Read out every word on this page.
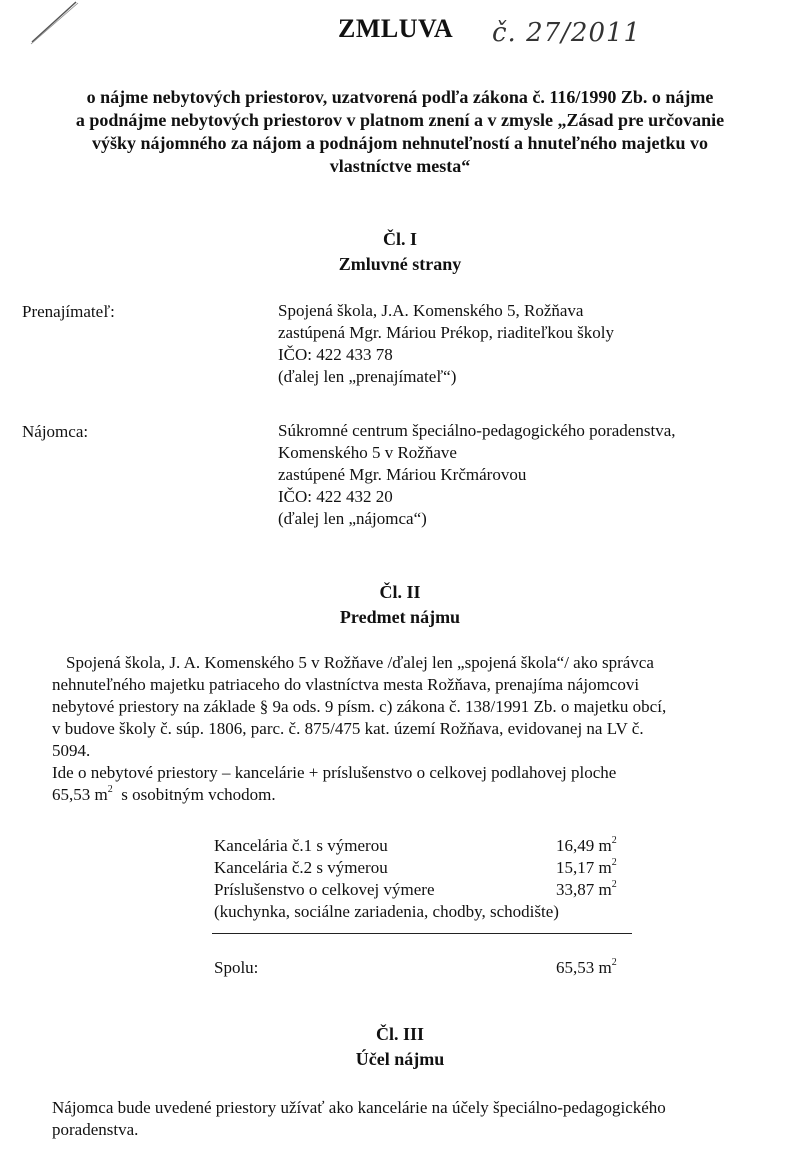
ZMLUVA č. 27/2011
o nájme nebytových priestorov, uzatvorená podľa zákona č. 116/1990 Zb. o nájme
a podnájme nebytových priestorov v platnom znení a v zmysle „Zásad pre určovanie
výšky nájomného za nájom a podnájom nehnuteľností a hnuteľného majetku vo
vlastníctve mesta“
Čl. I
Zmluvné strany
Prenajímateľ:	Spojená škola, J.A. Komenského 5, Rožňava
zastúpená Mgr. Máriou Prékop, riaditeľkou školy
IČO: 422 433 78
(ďalej len „prenajímateľ“)
Nájomca:	Súkromné centrum špeciálno-pedagogického poradenstva,
Komenského 5 v Rožňave
zastúpené Mgr. Máriou Krčmárovou
IČO: 422 432 20
(ďalej len „nájomca“)
Čl. II
Predmet nájmu
Spojená škola, J. A. Komenského 5 v Rožňave /ďalej len „spojená škola“/ ako správca
nehnuteľného majetku patriaceho do vlastníctva mesta Rožňava, prenajíma nájomcovi
nebytové priestory na základe § 9a ods. 9 písm. c) zákona č. 138/1991 Zb. o majetku obcí,
v budove školy č. súp. 1806, parc. č. 875/475 kat. území Rožňava, evidovanej na LV č.
5094.
Ide o nebytové priestory – kancelárie + príslušenstvo o celkovej podlahovej ploche
65,53 $m^2$  s osobitným vchodom.
Kancelária č.1 s výmerou	16,49 $m^2$
Kancelária č.2 s výmerou	15,17 $m^2$
Príslušenstvo o celkovej výmere	33,87 $m^2$
(kuchynka, sociálne zariadenia, chodby, schodište)
Spolu:	65,53 $m^2$
Čl. III
Účel nájmu
Nájomca bude uvedené priestory užívať ako kancelárie na účely špeciálno-pedagogického
poradenstva.
